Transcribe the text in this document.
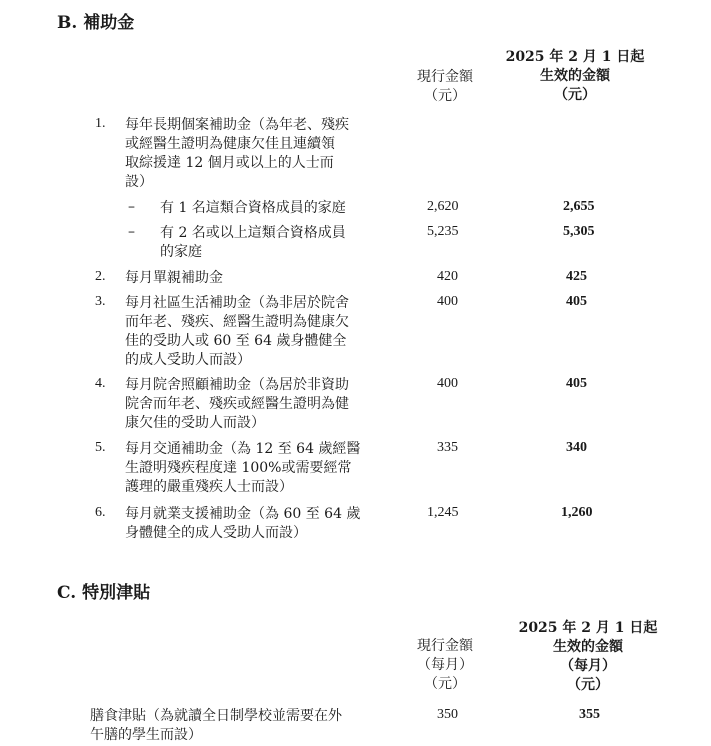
B. 補助金
現行金額
（元）
2025 年 2 月 1 日起
生效的金額
（元）
1. 每年長期個案補助金（為年老、殘疾
或經醫生證明為健康欠佳且連續領
取綜援達 12 個月或以上的人士而
設）
– 有 1 名這類合資格成員的家庭	2,620	2,655
– 有 2 名或以上這類合資格成員
的家庭
5,235	5,305
2. 每月單親補助金	420	425
3. 每月社區生活補助金（為非居於院舍
而年老、殘疾、經醫生證明為健康欠
佳的受助人或 60 至 64 歲身體健全
的成人受助人而設）
400	405
4. 每月院舍照顧補助金（為居於非資助
院舍而年老、殘疾或經醫生證明為健
康欠佳的受助人而設）
400	405
5. 每月交通補助金（為 12 至 64 歲經醫
生證明殘疾程度達 100%或需要經常
護理的嚴重殘疾人士而設）
335	340
6. 每月就業支援補助金（為 60 至 64 歲
身體健全的成人受助人而設）
1,245	1,260
C. 特別津貼
現行金額
（每月）
（元）
2025 年 2 月 1 日起
生效的金額
（每月）
（元）
膳食津貼（為就讀全日制學校並需要在外
午膳的學生而設）
350	355
